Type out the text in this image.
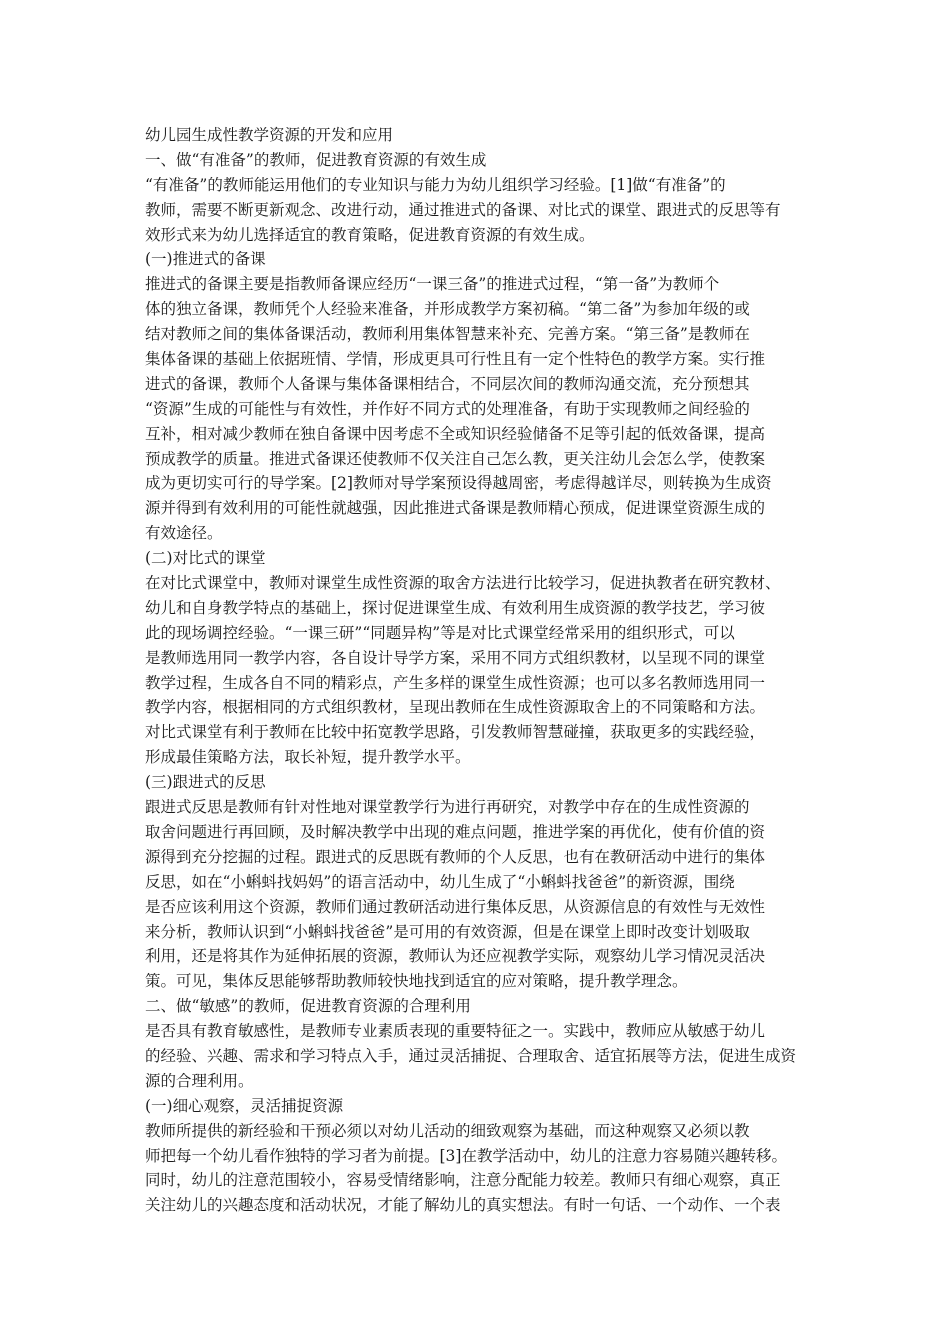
幼儿园生成性教学资源的开发和应用
一、做“有准备”的教师，促进教育资源的有效生成
“有准备”的教师能运用他们的专业知识与能力为幼儿组织学习经验。[1]做“有准备”的
教师，需要不断更新观念、改进行动，通过推进式的备课、对比式的课堂、跟进式的反思等有
效形式来为幼儿选择适宜的教育策略，促进教育资源的有效生成。
(一)推进式的备课
推进式的备课主要是指教师备课应经历“一课三备”的推进式过程，“第一备”为教师个
体的独立备课，教师凭个人经验来准备，并形成教学方案初稿。“第二备”为参加年级的或
结对教师之间的集体备课活动，教师利用集体智慧来补充、完善方案。“第三备”是教师在
集体备课的基础上依据班情、学情，形成更具可行性且有一定个性特色的教学方案。实行推
进式的备课，教师个人备课与集体备课相结合，不同层次间的教师沟通交流，充分预想其
“资源”生成的可能性与有效性，并作好不同方式的处理准备，有助于实现教师之间经验的
互补，相对减少教师在独自备课中因考虑不全或知识经验储备不足等引起的低效备课，提高
预成教学的质量。推进式备课还使教师不仅关注自己怎么教，更关注幼儿会怎么学，使教案
成为更切实可行的导学案。[2]教师对导学案预设得越周密，考虑得越详尽，则转换为生成资
源并得到有效利用的可能性就越强，因此推进式备课是教师精心预成，促进课堂资源生成的
有效途径。
(二)对比式的课堂
在对比式课堂中，教师对课堂生成性资源的取舍方法进行比较学习，促进执教者在研究教材、
幼儿和自身教学特点的基础上，探讨促进课堂生成、有效利用生成资源的教学技艺，学习彼
此的现场调控经验。“一课三研”“同题异构”等是对比式课堂经常采用的组织形式，可以
是教师选用同一教学内容，各自设计导学方案，采用不同方式组织教材，以呈现不同的课堂
教学过程，生成各自不同的精彩点，产生多样的课堂生成性资源；也可以多名教师选用同一
教学内容，根据相同的方式组织教材，呈现出教师在生成性资源取舍上的不同策略和方法。
对比式课堂有利于教师在比较中拓宽教学思路，引发教师智慧碰撞，获取更多的实践经验，
形成最佳策略方法，取长补短，提升教学水平。
(三)跟进式的反思
跟进式反思是教师有针对性地对课堂教学行为进行再研究，对教学中存在的生成性资源的
取舍问题进行再回顾，及时解决教学中出现的难点问题，推进学案的再优化，使有价值的资
源得到充分挖掘的过程。跟进式的反思既有教师的个人反思，也有在教研活动中进行的集体
反思，如在“小蝌蚪找妈妈”的语言活动中，幼儿生成了“小蝌蚪找爸爸”的新资源，围绕
是否应该利用这个资源，教师们通过教研活动进行集体反思，从资源信息的有效性与无效性
来分析，教师认识到“小蝌蚪找爸爸”是可用的有效资源，但是在课堂上即时改变计划吸取
利用，还是将其作为延伸拓展的资源，教师认为还应视教学实际，观察幼儿学习情况灵活决
策。可见，集体反思能够帮助教师较快地找到适宜的应对策略，提升教学理念。
二、做“敏感”的教师，促进教育资源的合理利用
是否具有教育敏感性，是教师专业素质表现的重要特征之一。实践中，教师应从敏感于幼儿
的经验、兴趣、需求和学习特点入手，通过灵活捕捉、合理取舍、适宜拓展等方法，促进生成资
源的合理利用。
(一)细心观察，灵活捕捉资源
教师所提供的新经验和干预必须以对幼儿活动的细致观察为基础，而这种观察又必须以教
师把每一个幼儿看作独特的学习者为前提。[3]在教学活动中，幼儿的注意力容易随兴趣转移。
同时，幼儿的注意范围较小，容易受情绪影响，注意分配能力较差。教师只有细心观察，真正
关注幼儿的兴趣态度和活动状况，才能了解幼儿的真实想法。有时一句话、一个动作、一个表
